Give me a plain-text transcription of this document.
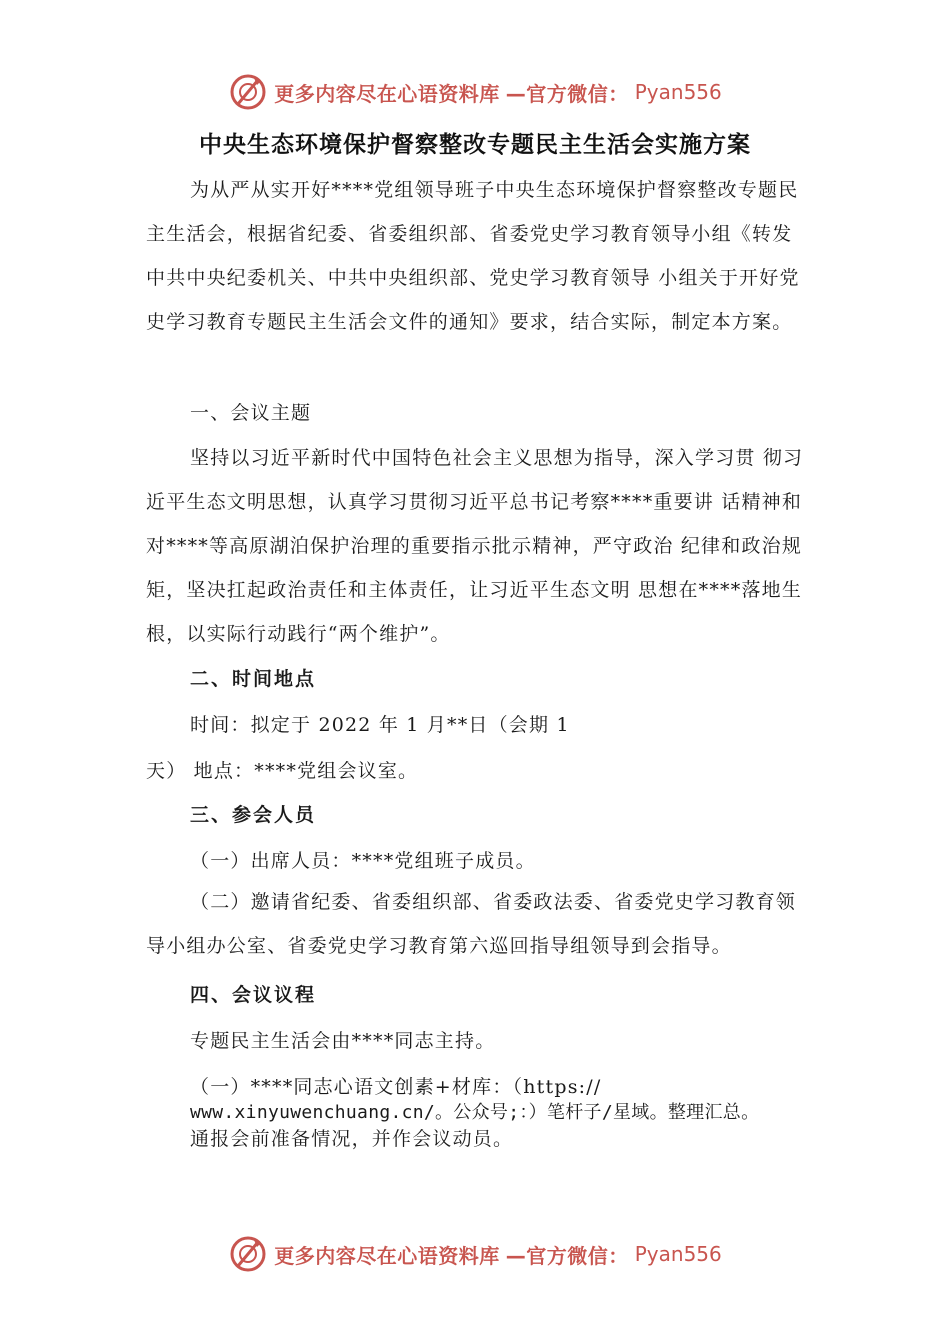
更多内容尽在心语资料库 —官方微信： Pyan556
中央生态环境保护督察整改专题民主生活会实施方案

为从严从实开好****党组领导班子中央生态环境保护督察整改专题民主生活会，根据省纪委、省委组织部、省委党史学习教育领导小组《转发中共中央纪委机关、中共中央组织部、党史学习教育领导 小组关于开好党史学习教育专题民主生活会文件的通知》要求，结合实际，制定本方案。

一、会议主题

坚持以习近平新时代中国特色社会主义思想为指导，深入学习贯 彻习近平生态文明思想，认真学习贯彻习近平总书记考察****重要讲 话精神和对****等高原湖泊保护治理的重要指示批示精神，严守政治 纪律和政治规矩，坚决扛起政治责任和主体责任，让习近平生态文明 思想在****落地生根，以实际行动践行“两个维护”。

二、时间地点
时间：拟定于 2022 年 1 月**日（会期 1
天） 地点：****党组会议室。
三、参会人员
（一）出席人员：****党组班子成员。

（二）邀请省纪委、省委组织部、省委政法委、省委党史学习教育领导小组办公室、省委党史学习教育第六巡回指导组领导到会指导。

四、会议议程
专题民主生活会由****同志主持。
（一）****同志心语文创素+材库：（https://
www.xinyuwenchuang.cn/。公众号;：）笔杆子/星域。整理汇总。
通报会前准备情况，并作会议动员。
更多内容尽在心语资料库 —官方微信： Pyan556
